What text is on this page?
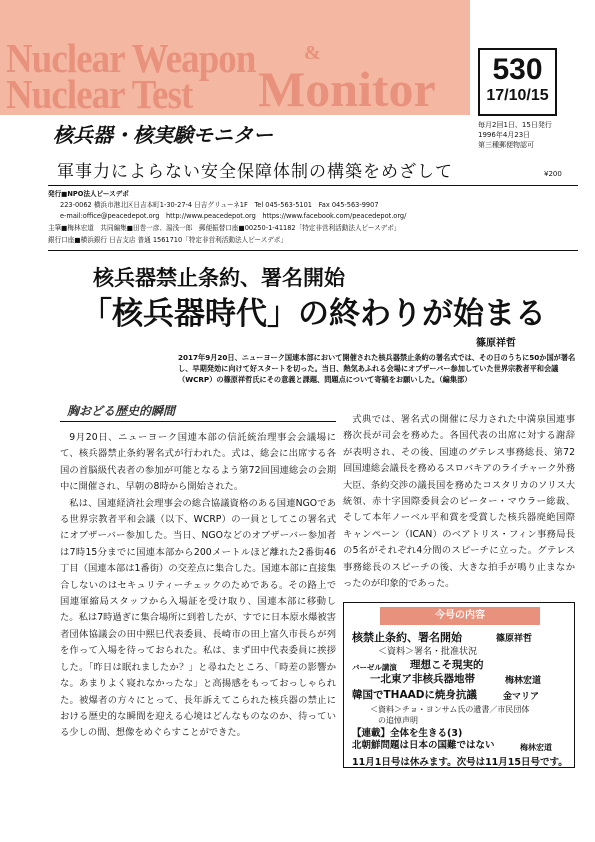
Nuclear Weapon &
Nuclear Test Monitor
核兵器・核実験モニター
530
17/10/15
毎月2回1日、15日発行
1996年4月23日
第三種郵便物認可
軍事力によらない安全保障体制の構築をめざして	¥200
発行■NPO法人ピースデポ
223-0062 横浜市港北区日吉本町1-30-27-4 日吉グリューネ1F　Tel 045-563-5101　Fax 045-563-9907
e-mail:office@peacedepot.org　http://www.peacedepot.org　https://www.facebook.com/peacedepot.org/
主筆■梅林宏道　共同編集■田巻一彦、湯浅一郎　郵便振替口座■00250-1-41182「特定非営利活動法人ピースデポ」
銀行口座■横浜銀行 日吉支店 普通 1561710「特定非営利活動法人ピースデポ」
核兵器禁止条約、署名開始
「核兵器時代」の終わりが始まる
篠原祥哲
2017年9月20日、ニューヨーク国連本部において開催された核兵器禁止条約の署名式では、その日のうちに50か国が署名し、早期発効に向けて好スタートを切った。当日、熱気あふれる会場にオブザーバー参加していた世界宗教者平和会議（WCRP）の篠原祥哲氏にその意義と課題、問題点について寄稿をお願いした。（編集部）
胸おどる歴史的瞬間

9月20日、ニューヨーク国連本部の信託統治理事会会議場にて、核兵器禁止条約署名式が行われた。式は、総会に出席する各国の首脳級代表者の参加が可能となるよう第72回国連総会の会期中に開催され、早朝の8時から開始された。

私は、国連経済社会理事会の総合協議資格のある国連NGOである世界宗教者平和会議（以下、WCRP）の一員としてこの署名式にオブザーバー参加した。当日、NGOなどのオブザーバー参加者は7時15分までに国連本部から200メートルほど離れた2番街46丁目（国連本部は1番街）の交差点に集合した。国連本部に直接集合しないのはセキュリティーチェックのためである。その路上で国連軍縮局スタッフから入場証を受け取り、国連本部に移動した。私は7時過ぎに集合場所に到着したが、すでに日本原水爆被害者団体協議会の田中熙巳代表委員、長崎市の田上富久市長らが列を作って入場を待っておられた。私は、まず田中代表委員に挨拶した。「昨日は眠れましたか？」と尋ねたところ、「時差の影響かな。あまりよく寝れなかったな」と高揚感をもっておっしゃられた。被爆者の方々にとって、長年訴えてこられた核兵器の禁止における歴史的な瞬間を迎える心境はどんなものなのか、待っている少しの間、想像をめぐらすことができた。

式典では、署名式の開催に尽力された中満泉国連事務次長が司会を務めた。各国代表の出席に対する謝辞が表明され、その後、国連のグテレス事務総長、第72回国連総会議長を務めるスロバキアのライチャーク外務大臣、条約交渉の議長国を務めたコスタリカのソリス大統領、赤十字国際委員会のピーター・マウラー総裁、そして本年ノーベル平和賞を受賞した核兵器廃絶国際キャンペーン（ICAN）のベアトリス・フィン事務局長の5名がそれぞれ4分間のスピーチに立った。グテレス事務総長のスピーチの後、大きな拍手が鳴り止まなかったのが印象的であった。

今号の内容
核禁止条約、署名開始	篠原祥哲
＜資料＞署名・批准状況
バーゼル講演 理想こそ現実的
一北東ア非核兵器地帯	梅林宏道
韓国でTHAADに焼身抗議	金マリア
＜資料＞チョ・ヨンサム氏の遺書／市民団体
の追悼声明
【連載】全体を生きる(3)
北朝鮮問題は日本の国難ではない	梅林宏道
11月1日号は休みます。次号は11月15日号です。
